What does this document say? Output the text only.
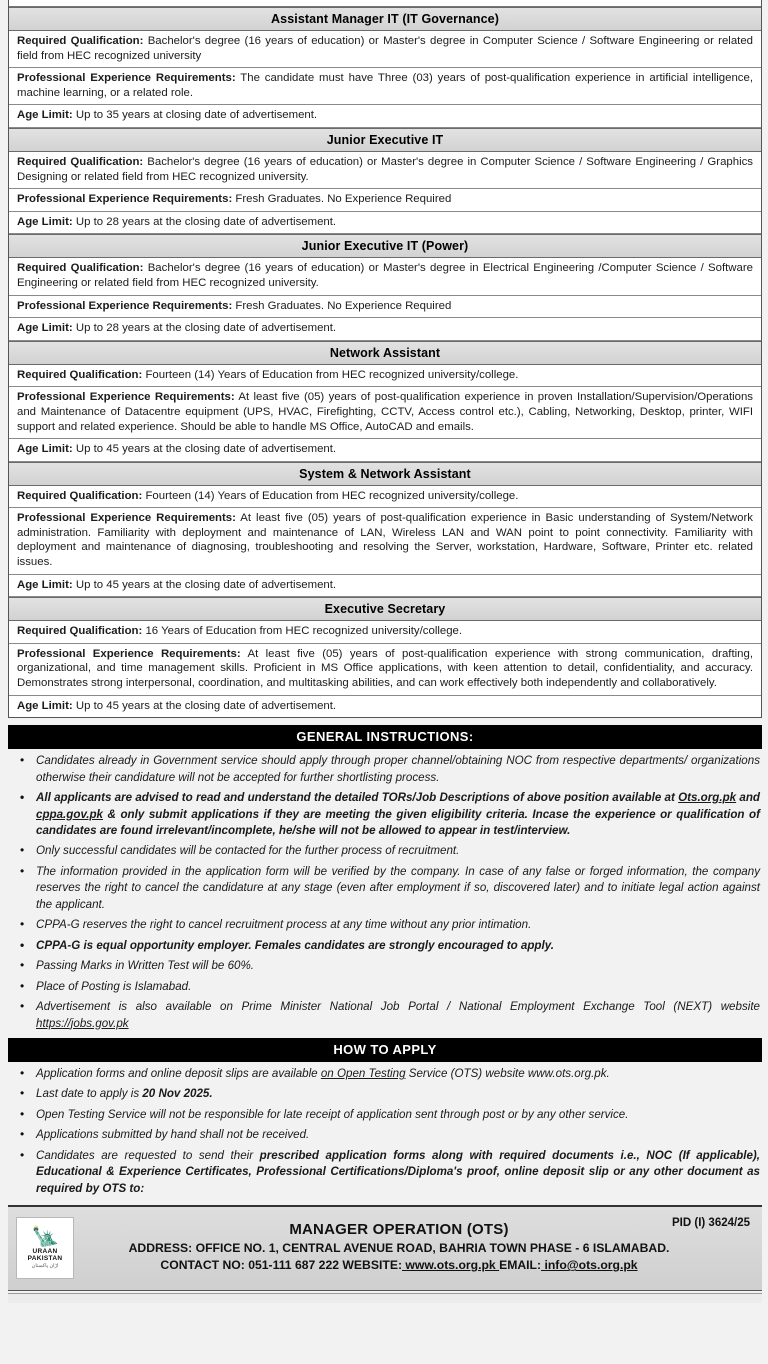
Assistant Manager IT (IT Governance)
Required Qualification: Bachelor's degree (16 years of education) or Master's degree in Computer Science / Software Engineering or related field from HEC recognized university
Professional Experience Requirements: The candidate must have Three (03) years of post-qualification experience in artificial intelligence, machine learning, or a related role.
Age Limit: Up to 35 years at closing date of advertisement.
Junior Executive IT
Required Qualification: Bachelor's degree (16 years of education) or Master's degree in Computer Science / Software Engineering / Graphics Designing or related field from HEC recognized university.
Professional Experience Requirements: Fresh Graduates. No Experience Required
Age Limit: Up to 28 years at the closing date of advertisement.
Junior Executive IT (Power)
Required Qualification: Bachelor's degree (16 years of education) or Master's degree in Electrical Engineering /Computer Science / Software Engineering or related field from HEC recognized university.
Professional Experience Requirements: Fresh Graduates. No Experience Required
Age Limit: Up to 28 years at the closing date of advertisement.
Network Assistant
Required Qualification: Fourteen (14) Years of Education from HEC recognized university/college.
Professional Experience Requirements: At least five (05) years of post-qualification experience in proven Installation/Supervision/Operations and Maintenance of Datacentre equipment (UPS, HVAC, Firefighting, CCTV, Access control etc.), Cabling, Networking, Desktop, printer, WIFI support and related experience. Should be able to handle MS Office, AutoCAD and emails.
Age Limit: Up to 45 years at the closing date of advertisement.
System & Network Assistant
Required Qualification: Fourteen (14) Years of Education from HEC recognized university/college.
Professional Experience Requirements: At least five (05) years of post-qualification experience in Basic understanding of System/Network administration. Familiarity with deployment and maintenance of LAN, Wireless LAN and WAN point to point connectivity. Familiarity with deployment and maintenance of diagnosing, troubleshooting and resolving the Server, workstation, Hardware, Software, Printer etc. related issues.
Age Limit: Up to 45 years at the closing date of advertisement.
Executive Secretary
Required Qualification: 16 Years of Education from HEC recognized university/college.
Professional Experience Requirements: At least five (05) years of post-qualification experience with strong communication, drafting, organizational, and time management skills. Proficient in MS Office applications, with keen attention to detail, confidentiality, and accuracy. Demonstrates strong interpersonal, coordination, and multitasking abilities, and can work effectively both independently and collaboratively.
Age Limit: Up to 45 years at the closing date of advertisement.
GENERAL INSTRUCTIONS:
• Candidates already in Government service should apply through proper channel/obtaining NOC from respective departments/ organizations otherwise their candidature will not be accepted for further shortlisting process.
• All applicants are advised to read and understand the detailed TORs/Job Descriptions of above position available at Ots.org.pk and cppa.gov.pk & only submit applications if they are meeting the given eligibility criteria. Incase the experience or qualification of candidates are found irrelevant/incomplete, he/she will not be allowed to appear in test/interview.
• Only successful candidates will be contacted for the further process of recruitment.
• The information provided in the application form will be verified by the company. In case of any false or forged information, the company reserves the right to cancel the candidature at any stage (even after employment if so, discovered later) and to initiate legal action against the applicant.
• CPPA-G reserves the right to cancel recruitment process at any time without any prior intimation.
• CPPA-G is equal opportunity employer. Females candidates are strongly encouraged to apply.
• Passing Marks in Written Test will be 60%.
• Place of Posting is Islamabad.
• Advertisement is also available on Prime Minister National Job Portal / National Employment Exchange Tool (NEXT) website https://jobs.gov.pk
HOW TO APPLY
• Application forms and online deposit slips are available on Open Testing Service (OTS) website www.ots.org.pk.
• Last date to apply is 20 Nov 2025.
• Open Testing Service will not be responsible for late receipt of application sent through post or by any other service.
• Applications submitted by hand shall not be received.
• Candidates are requested to send their prescribed application forms along with required documents i.e., NOC (If applicable), Educational & Experience Certificates, Professional Certifications/Diploma's proof, online deposit slip or any other document as required by OTS to:
🗽
URAAN
PAKISTAN
اڑان پاکستان
MANAGER OPERATION (OTS)
ADDRESS: OFFICE NO. 1, CENTRAL AVENUE ROAD, BAHRIA TOWN PHASE - 6 ISLAMABAD.
CONTACT NO: 051-111 687 222 WEBSITE: www.ots.org.pk EMAIL: info@ots.org.pk
PID (I) 3624/25
